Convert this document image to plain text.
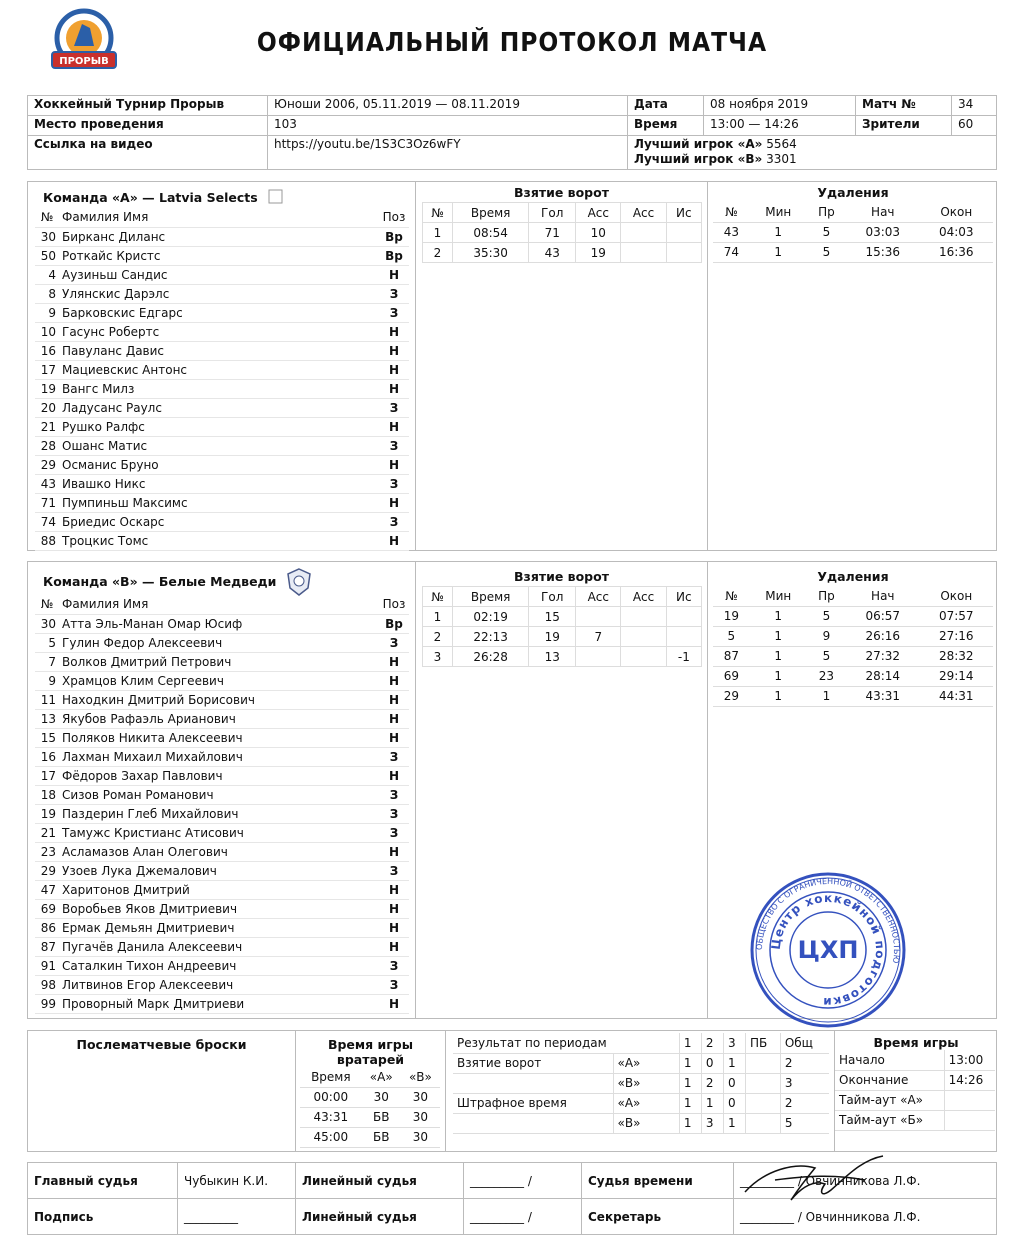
ПРОРЫВ
ОФИЦИАЛЬНЫЙ ПРОТОКОЛ МАТЧА
Хоккейный Турнир Прорыв	Юноши 2006, 05.11.2019 — 08.11.2019	Дата	08 ноября 2019	Матч №	34
Место проведения	103	Время	13:00 — 14:26	Зрители	60
Ссылка на видео	https://youtu.be/1S3C3Oz6wFY	Лучший игрок «А» 5564
Лучший игрок «В» 3301			
Команда «А» — Latvia Selects
№	Фамилия Имя	Поз
30	Бирканс Диланс	Вр
50	Роткайс Кристс	Вр
4	Аузиньш Сандис	Н
8	Улянскис Дарэлс	З
9	Барковскис Едгарс	З
10	Гасунс Робертс	Н
16	Павуланс Давис	Н
17	Мациевскис Антонс	Н
19	Вангс Милз	Н
20	Ладусанс Раулс	З
21	Рушко Ралфс	Н
28	Ошанс Матис	З
29	Османис Бруно	Н
43	Ивашко Никс	З
71	Пумпиньш Максимс	Н
74	Бриедис Оскарс	З
88	Троцкис Томс	Н
Взятие ворот
№	Время	Гол	Асс	Асс	Ис
1	08:54	71	10		
2	35:30	43	19		
Удаления
№	Мин	Пр	Нач	Окон
43	1	5	03:03	04:03
74	1	5	15:36	16:36
Команда «В» — Белые Медведи
№	Фамилия Имя	Поз
30	Атта Эль-Манан Омар Юсиф	Вр
5	Гулин Федор Алексеевич	З
7	Волков Дмитрий Петрович	Н
9	Храмцов Клим Сергеевич	Н
11	Находкин Дмитрий Борисович	Н
13	Якубов Рафаэль Арианович	Н
15	Поляков Никита Алексеевич	Н
16	Лахман Михаил Михайлович	З
17	Фёдоров Захар Павлович	Н
18	Сизов Роман Романович	З
19	Паздерин Глеб Михайлович	З
21	Тамужс Кристианс Атисович	З
23	Асламазов Алан Олегович	Н
29	Узоев Лука Джемалович	З
47	Харитонов Дмитрий	Н
69	Воробьев Яков Дмитриевич	Н
86	Ермак Демьян Дмитриевич	Н
87	Пугачёв Данила Алексеевич	Н
91	Саталкин Тихон Андреевич	З
98	Литвинов Егор Алексеевич	З
99	Проворный Марк Дмитриеви	Н
Взятие ворот
№	Время	Гол	Асс	Асс	Ис
1	02:19	15			
2	22:13	19	7		
3	26:28	13			-1
Удаления
№	Мин	Пр	Нач	Окон
19	1	5	06:57	07:57
5	1	9	26:16	27:16
87	1	5	27:32	28:32
69	1	23	28:14	29:14
29	1	1	43:31	44:31
Послематчевые броски	Время игры вратарей
Время	«А»	«В»
00:00	30	30
43:31	БВ	30
45:00	БВ	30
Результат по периодам		1	2	3	ПБ	Общ
Взятие ворот	«А»	1	0	1		2
	«В»	1	2	0		3
Штрафное время	«А»	1	1	0		2
	«В»	1	3	1		5
Время игры
Начало	13:00
Окончание	14:26
Тайм-аут «А»	
Тайм-аут «Б»	
ОБЩЕСТВО С ОГРАНИЧЕННОЙ ОТВЕТСТВЕННОСТЬЮ
Центр хоккейной подготовки
ЦХП
Главный судья	Чубыкин К.И.	Линейный судья	_________ /	Судья времени	_________ / Овчинникова Л.Ф.
Подпись	_________	Линейный судья	_________ /	Секретарь	_________ / Овчинникова Л.Ф.
